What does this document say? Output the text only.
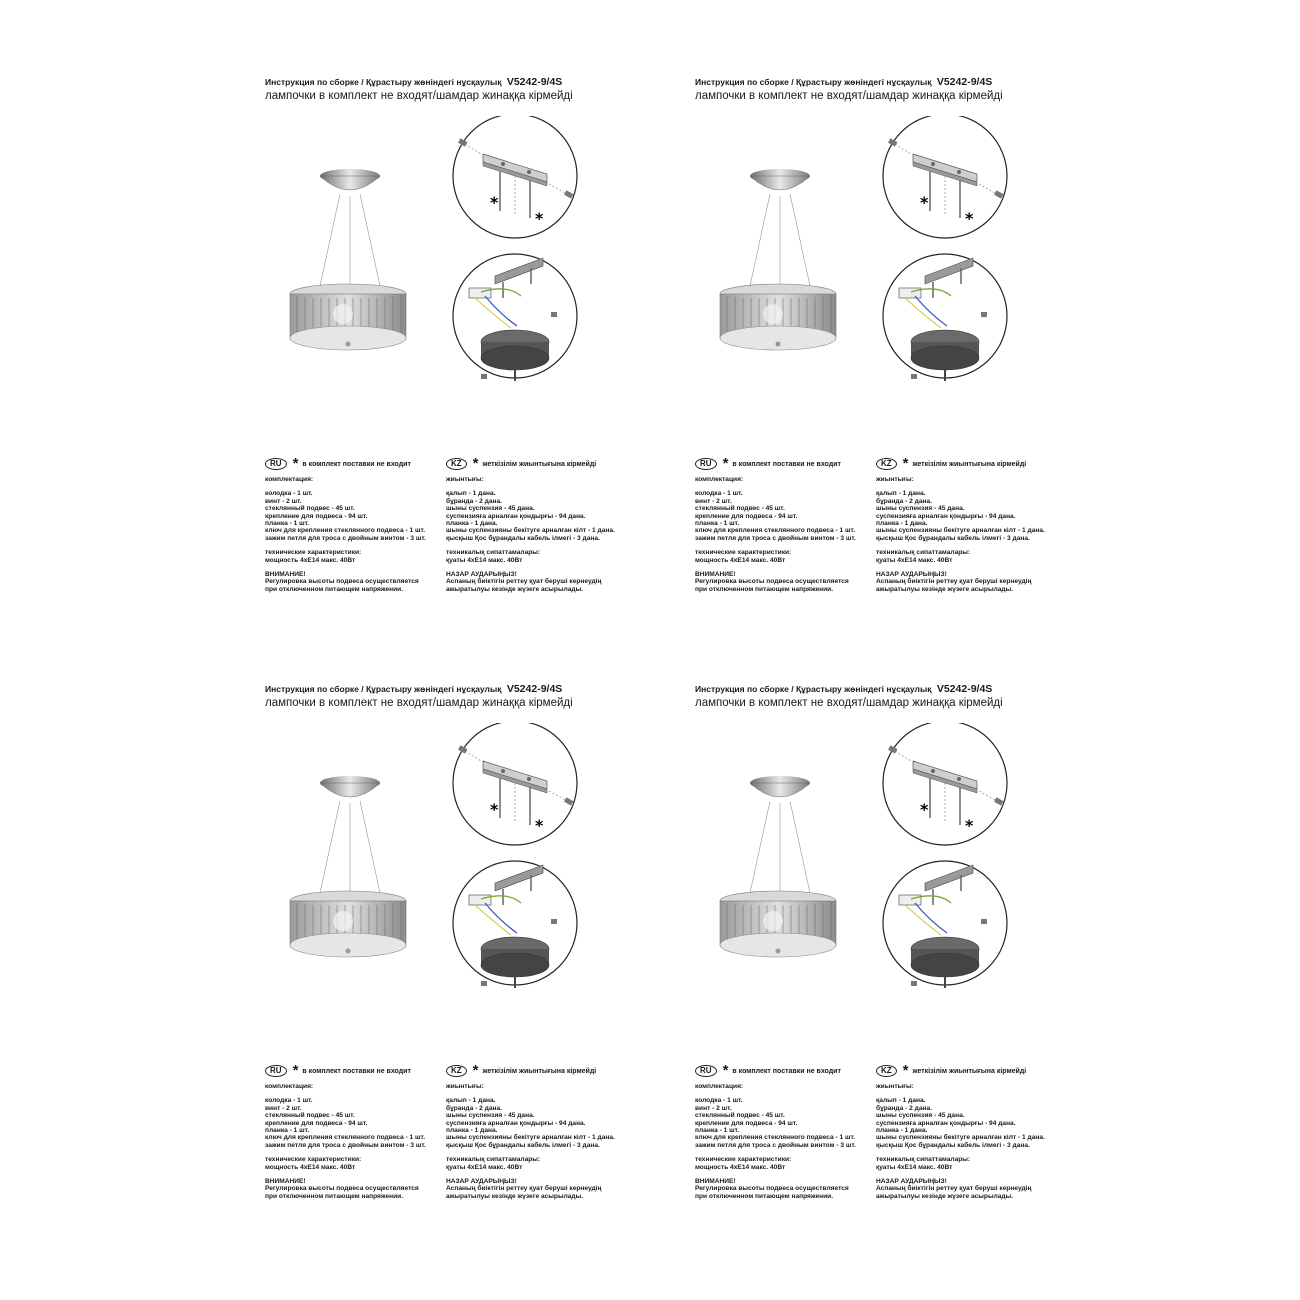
Инструкция по сборке / Құрастыру жөніндегі нұсқаулық V5242-9/4S
лампочки в комплект не входят/шамдар жинаққа кірмейді
*
*
RU * в комплект поставки не входит	KZ * жеткізілім жиынтығына кірмейді
комплектация:
колодка - 1 шт.
винт - 2 шт.
стеклянный подвес - 45 шт.
крепление для подвеса - 94 шт.
планка - 1 шт.
ключ для крепления стеклянного подвеса - 1 шт.
зажим петля для троса с двойным винтом - 3 шт.
технические характеристики:
мощность 4хЕ14 макс. 40Вт
ВНИМАНИЕ!
Регулировка высоты подвеса осуществляется
при отключенном питающем напряжении.
жиынтығы:
қалып - 1 дана.
бұранда - 2 дана.
шыны суспензия - 45 дана.
суспензияға арналған қондырғы - 94 дана.
планка - 1 дана.
шыны суспензияны бекітуге арналған кілт - 1 дана.
қысқыш Қос бұрандалы кабель ілмегі - 3 дана.
техникалық сипаттамалары:
қуаты 4хЕ14 макс. 40Вт
НАЗАР АУДАРЫҢЫЗ!
Аспаның биіктігін реттеу қуат беруші кернеудің
ажыратылуы кезінде жүзеге асырылады.
Инструкция по сборке / Құрастыру жөніндегі нұсқаулық V5242-9/4S
лампочки в комплект не входят/шамдар жинаққа кірмейді
*
*
RU * в комплект поставки не входит	KZ * жеткізілім жиынтығына кірмейді
комплектация:
колодка - 1 шт.
винт - 2 шт.
стеклянный подвес - 45 шт.
крепление для подвеса - 94 шт.
планка - 1 шт.
ключ для крепления стеклянного подвеса - 1 шт.
зажим петля для троса с двойным винтом - 3 шт.
технические характеристики:
мощность 4хЕ14 макс. 40Вт
ВНИМАНИЕ!
Регулировка высоты подвеса осуществляется
при отключенном питающем напряжении.
жиынтығы:
қалып - 1 дана.
бұранда - 2 дана.
шыны суспензия - 45 дана.
суспензияға арналған қондырғы - 94 дана.
планка - 1 дана.
шыны суспензияны бекітуге арналған кілт - 1 дана.
қысқыш Қос бұрандалы кабель ілмегі - 3 дана.
техникалық сипаттамалары:
қуаты 4хЕ14 макс. 40Вт
НАЗАР АУДАРЫҢЫЗ!
Аспаның биіктігін реттеу қуат беруші кернеудің
ажыратылуы кезінде жүзеге асырылады.
Инструкция по сборке / Құрастыру жөніндегі нұсқаулық V5242-9/4S
лампочки в комплект не входят/шамдар жинаққа кірмейді
*
*
RU * в комплект поставки не входит	KZ * жеткізілім жиынтығына кірмейді
комплектация:
колодка - 1 шт.
винт - 2 шт.
стеклянный подвес - 45 шт.
крепление для подвеса - 94 шт.
планка - 1 шт.
ключ для крепления стеклянного подвеса - 1 шт.
зажим петля для троса с двойным винтом - 3 шт.
технические характеристики:
мощность 4хЕ14 макс. 40Вт
ВНИМАНИЕ!
Регулировка высоты подвеса осуществляется
при отключенном питающем напряжении.
жиынтығы:
қалып - 1 дана.
бұранда - 2 дана.
шыны суспензия - 45 дана.
суспензияға арналған қондырғы - 94 дана.
планка - 1 дана.
шыны суспензияны бекітуге арналған кілт - 1 дана.
қысқыш Қос бұрандалы кабель ілмегі - 3 дана.
техникалық сипаттамалары:
қуаты 4хЕ14 макс. 40Вт
НАЗАР АУДАРЫҢЫЗ!
Аспаның биіктігін реттеу қуат беруші кернеудің
ажыратылуы кезінде жүзеге асырылады.
Инструкция по сборке / Құрастыру жөніндегі нұсқаулық V5242-9/4S
лампочки в комплект не входят/шамдар жинаққа кірмейді
*
*
RU * в комплект поставки не входит	KZ * жеткізілім жиынтығына кірмейді
комплектация:
колодка - 1 шт.
винт - 2 шт.
стеклянный подвес - 45 шт.
крепление для подвеса - 94 шт.
планка - 1 шт.
ключ для крепления стеклянного подвеса - 1 шт.
зажим петля для троса с двойным винтом - 3 шт.
технические характеристики:
мощность 4хЕ14 макс. 40Вт
ВНИМАНИЕ!
Регулировка высоты подвеса осуществляется
при отключенном питающем напряжении.
жиынтығы:
қалып - 1 дана.
бұранда - 2 дана.
шыны суспензия - 45 дана.
суспензияға арналған қондырғы - 94 дана.
планка - 1 дана.
шыны суспензияны бекітуге арналған кілт - 1 дана.
қысқыш Қос бұрандалы кабель ілмегі - 3 дана.
техникалық сипаттамалары:
қуаты 4хЕ14 макс. 40Вт
НАЗАР АУДАРЫҢЫЗ!
Аспаның биіктігін реттеу қуат беруші кернеудің
ажыратылуы кезінде жүзеге асырылады.
